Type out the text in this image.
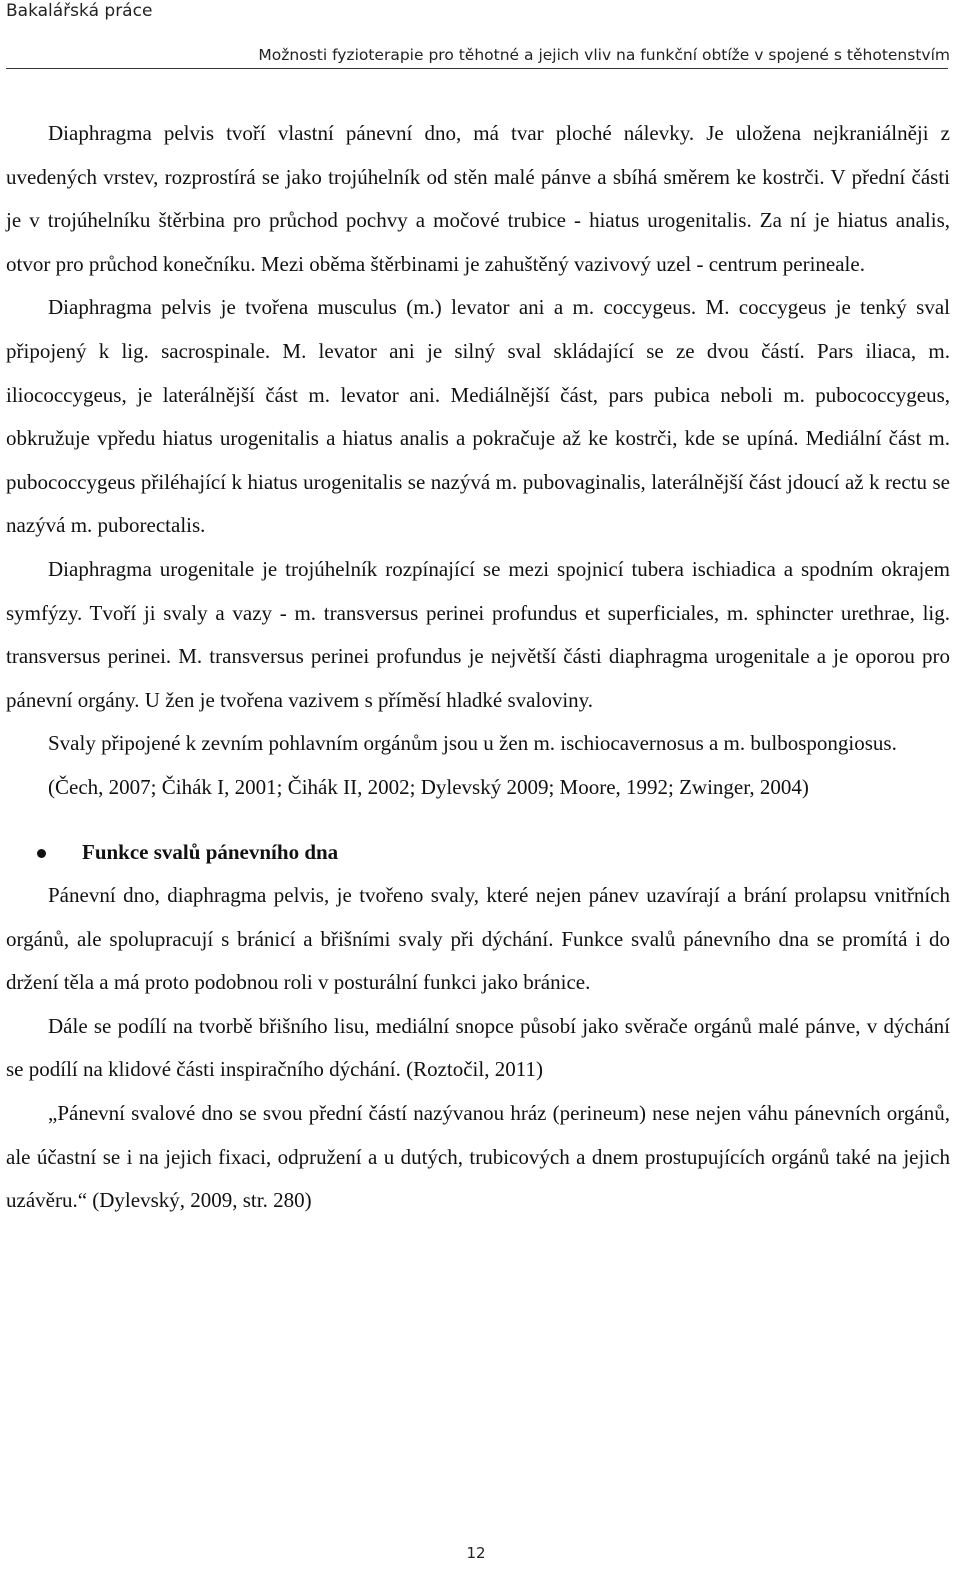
Bakalářská práce
Možnosti fyzioterapie pro těhotné a jejich vliv na funkční obtíže v spojené s těhotenstvím

Diaphragma pelvis tvoří vlastní pánevní dno, má tvar ploché nálevky. Je uložena nejkraniálněji z uvedených vrstev, rozprostírá se jako trojúhelník od stěn malé pánve a sbíhá směrem ke kostrči. V přední části je v trojúhelníku štěrbina pro průchod pochvy a močové trubice - hiatus urogenitalis. Za ní je hiatus analis, otvor pro průchod konečníku. Mezi oběma štěrbinami je zahuštěný vazivový uzel - centrum perineale.

Diaphragma pelvis je tvořena musculus (m.) levator ani a m. coccygeus. M. coccygeus je tenký sval připojený k lig. sacrospinale. M. levator ani je silný sval skládající se ze dvou částí. Pars iliaca, m. iliococcygeus, je laterálnější část m. levator ani. Mediálnější část, pars pubica neboli m. pubococcygeus, obkružuje vpředu hiatus urogenitalis a hiatus analis a pokračuje až ke kostrči, kde se upíná. Mediální část m. pubococcygeus přiléhající k hiatus urogenitalis se nazývá m. pubovaginalis, laterálnější část jdoucí až k rectu se nazývá m. puborectalis.

Diaphragma urogenitale je trojúhelník rozpínající se mezi spojnicí tubera ischiadica a spodním okrajem symfýzy. Tvoří ji svaly a vazy - m. transversus perinei profundus et superficiales, m. sphincter urethrae, lig. transversus perinei. M. transversus perinei profundus je největší části diaphragma urogenitale a je oporou pro pánevní orgány. U žen je tvořena vazivem s příměsí hladké svaloviny.

Svaly připojené k zevním pohlavním orgánům jsou u žen m. ischiocavernosus a m. bulbospongiosus.

(Čech, 2007; Čihák I, 2001; Čihák II, 2002; Dylevský 2009; Moore, 1992; Zwinger, 2004)

Funkce svalů pánevního dna

Pánevní dno, diaphragma pelvis, je tvořeno svaly, které nejen pánev uzavírají a brání prolapsu vnitřních orgánů, ale spolupracují s bránicí a břišními svaly při dýchání. Funkce svalů pánevního dna se promítá i do držení těla a má proto podobnou roli v posturální funkci jako bránice.

Dále se podílí na tvorbě břišního lisu, mediální snopce působí jako svěrače orgánů malé pánve, v dýchání se podílí na klidové části inspiračního dýchání. (Roztočil, 2011)

„Pánevní svalové dno se svou přední částí nazývanou hráz (perineum) nese nejen váhu pánevních orgánů, ale účastní se i na jejich fixaci, odpružení a u dutých, trubicových a dnem prostupujících orgánů také na jejich uzávěru.“ (Dylevský, 2009, str. 280)

12
